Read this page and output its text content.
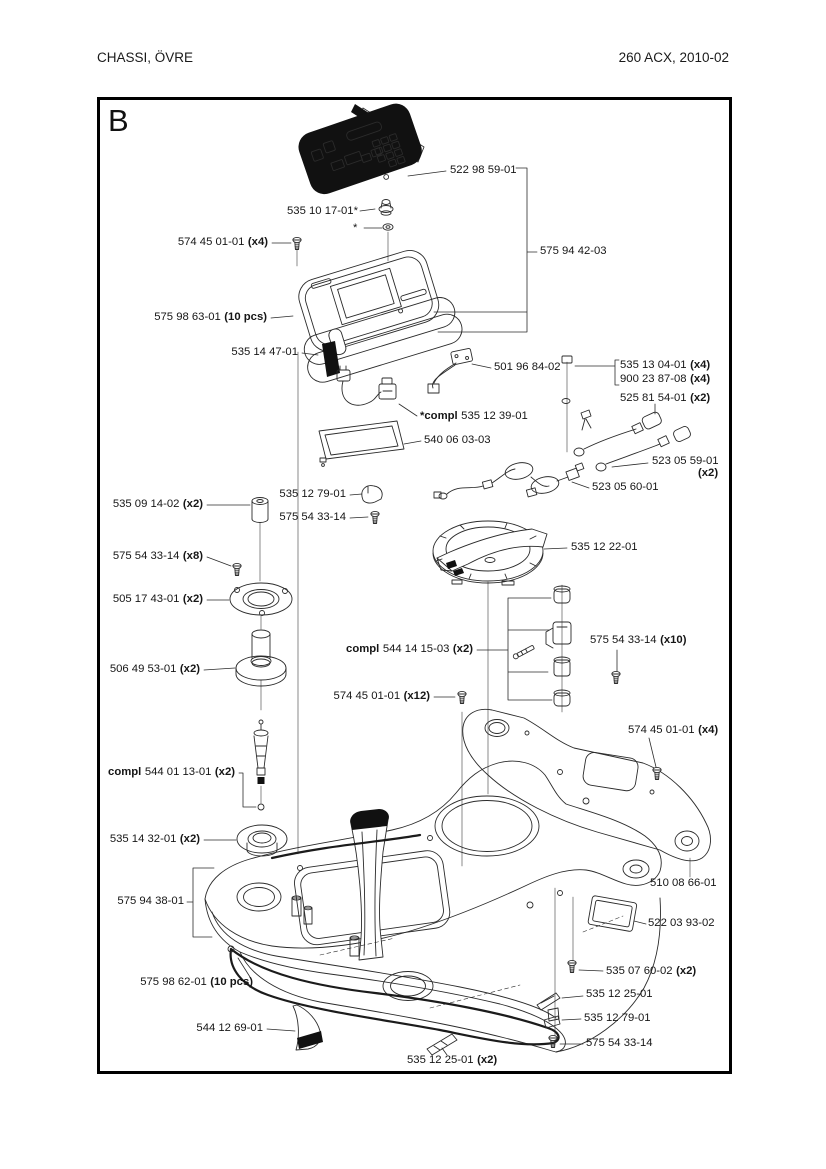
CHASSI, ÖVRE	260 ACX, 2010-02
B
522 98 59-01
535 10 17-01*
*
574 45 01-01 (x4)
575 94 42-03
575 98 63-01 (10 pcs)
535 14 47-01
501 96 84-02	535 13 04-01 (x4)
900 23 87-08 (x4)
525 81 54-01 (x2)
*compl 535 12 39-01
540 06 03-03
523 05 59-01
(x2)
523 05 60-01
535 12 79-01
575 54 33-14
535 09 14-02 (x2)
575 54 33-14 (x8)
505 17 43-01 (x2)
506 49 53-01 (x2)
535 12 22-01
compl 544 14 15-03 (x2)
575 54 33-14 (x10)
574 45 01-01 (x12)
574 45 01-01 (x4)
compl 544 01 13-01 (x2)
535 14 32-01 (x2)
575 94 38-01
510 08 66-01
522 03 93-02
535 07 60-02 (x2)
535 12 25-01
535 12 79-01
575 54 33-14
575 98 62-01 (10 pcs)
544 12 69-01
535 12 25-01 (x2)
